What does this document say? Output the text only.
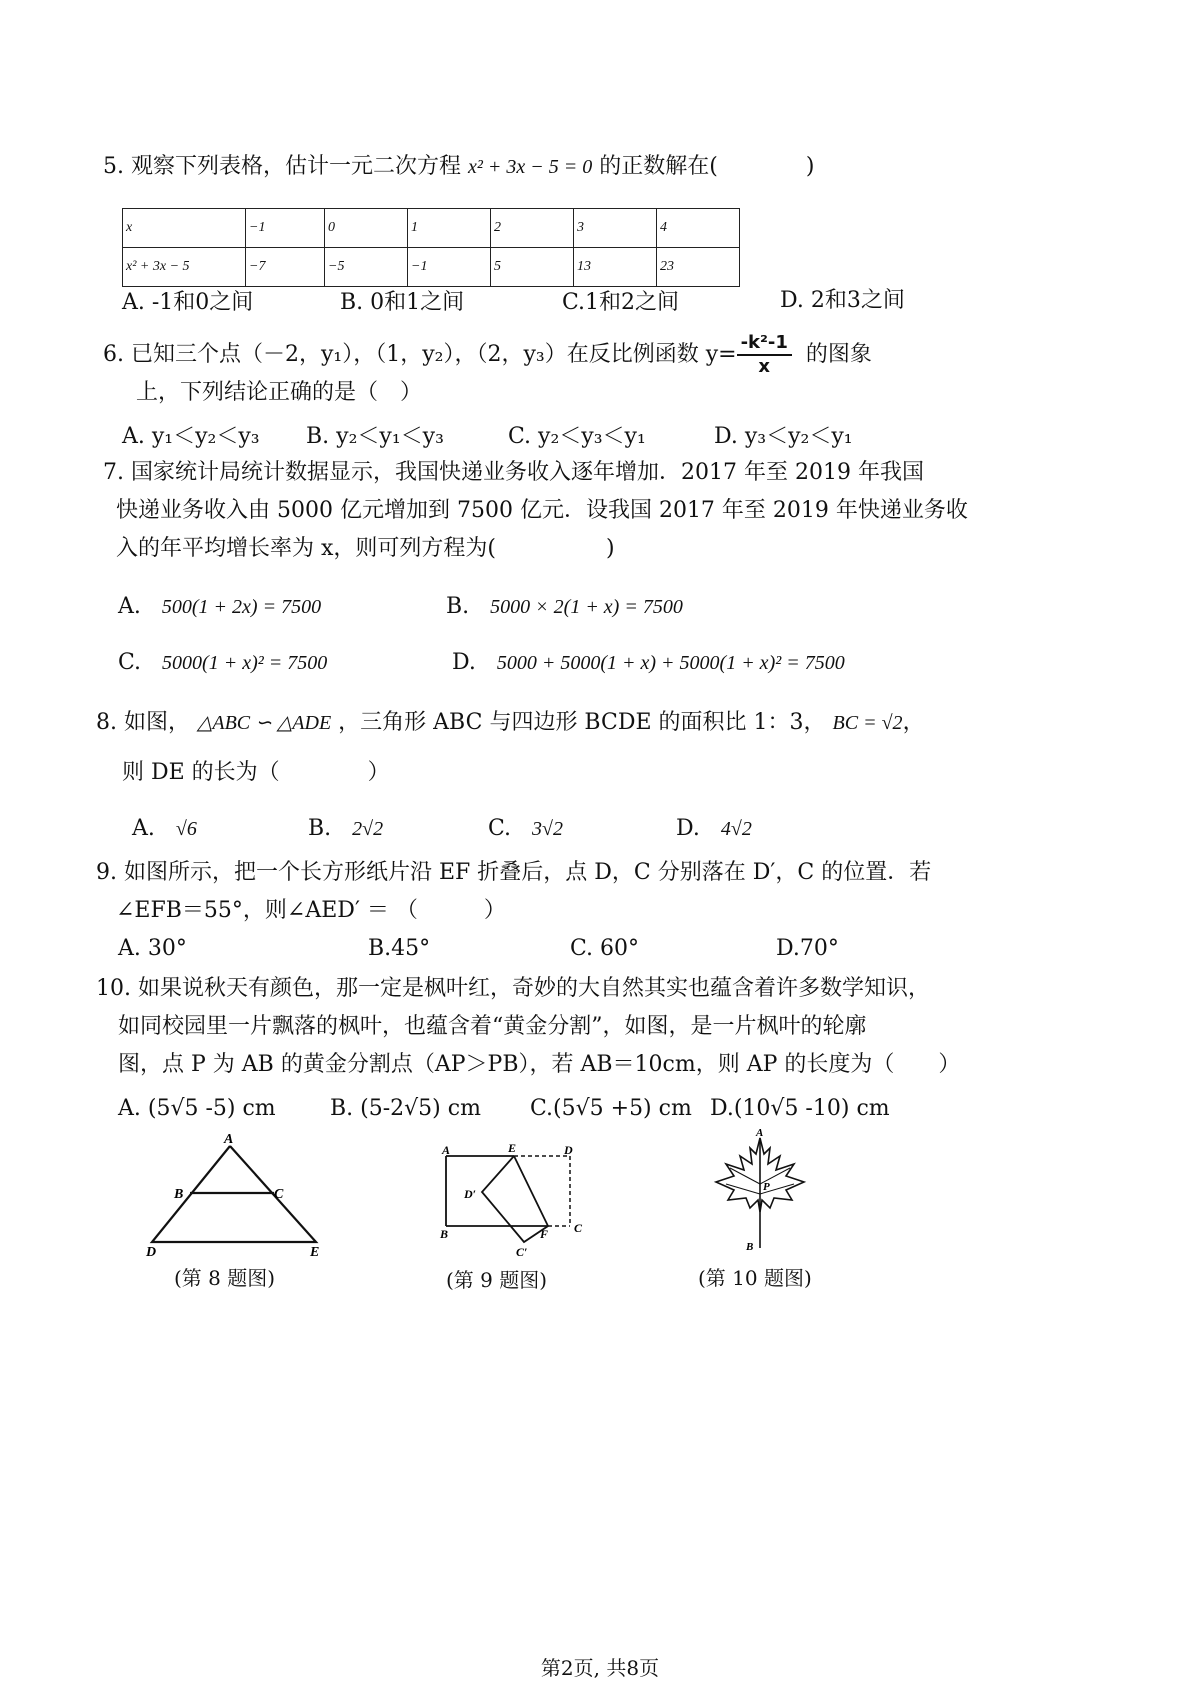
5. 观察下列表格，估计一元二次方程 x² + 3x − 5 = 0 的正数解在(　　　　)
x	−1	0	1	2	3	4
x² + 3x − 5	−7	−5	−1	5	13	23
A. -1和0之间	B. 0和1之间	C.1和2之间	D. 2和3之间
6. 已知三个点（－2，y₁），（1，y₂），（2，y₃）在反比例函数 $y= \frac{\text{-k²-1}}{x}$ 的图象
上，下列结论正确的是（　）
A. y₁＜y₂＜y₃ B. y₂＜y₁＜y₃	C. y₂＜y₃＜y₁	D. y₃＜y₂＜y₁
7. 国家统计局统计数据显示，我国快递业务收入逐年增加．2017 年至 2019 年我国
快递业务收入由 5000 亿元增加到 7500 亿元．设我国 2017 年至 2019 年快递业务收
入的年平均增长率为 x，则可列方程为(　　　　　)
A. 500(1 + 2x) = 7500	B. 5000 × 2(1 + x) = 7500
C. 5000(1 + x)² = 7500	D. 5000 + 5000(1 + x) + 5000(1 + x)² = 7500
8. 如图， △ABC ∽ △ADE ，三角形 ABC 与四边形 BCDE 的面积比 1：3， BC = √2，
则 DE 的长为（　　　　）
A. √6	B. 2√2	C. 3√2	D. 4√2
9. 如图所示，把一个长方形纸片沿 EF 折叠后，点 D，C 分别落在 D′，C 的位置．若
∠EFB＝55°，则∠AED′ ＝ （　　　）
A. 30°	B.45°	C. 60°	D.70°
10. 如果说秋天有颜色，那一定是枫叶红，奇妙的大自然其实也蕴含着许多数学知识，
如同校园里一片飘落的枫叶，也蕴含着“黄金分割”，如图，是一片枫叶的轮廓
图，点 P 为 AB 的黄金分割点（AP＞PB），若 AB＝10cm，则 AP 的长度为（　　）
A. (5√5 -5) cm B. (5-2√5) cm C.(5√5 +5) cm D.(10√5 -10) cm
A
B	C
D	E
(第 8 题图)
A	E	D
D′
B	F C
C′
(第 9 题图)
A
P
B
(第 10 题图)
第2页, 共8页
